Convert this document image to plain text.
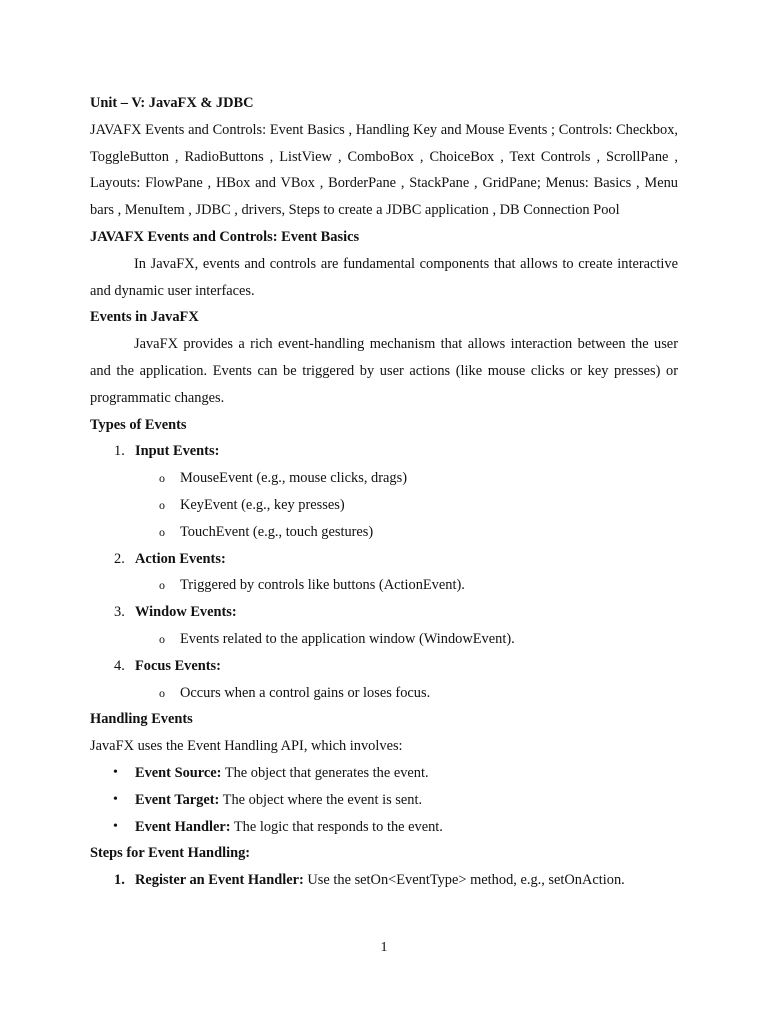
Unit – V: JavaFX & JDBC

JAVAFX Events and Controls: Event Basics , Handling Key and Mouse Events ; Controls: Checkbox, ToggleButton , RadioButtons , ListView , ComboBox , ChoiceBox , Text Controls , ScrollPane , Layouts: FlowPane , HBox and VBox , BorderPane , StackPane , GridPane; Menus: Basics , Menu bars , MenuItem , JDBC , drivers, Steps to create a JDBC application , DB Connection Pool

JAVAFX Events and Controls: Event Basics

In JavaFX, events and controls are fundamental components that allows to create interactive and dynamic user interfaces.

Events in JavaFX

JavaFX provides a rich event-handling mechanism that allows interaction between the user and the application. Events can be triggered by user actions (like mouse clicks or key presses) or programmatic changes.

Types of Events

1. Input Events:

o MouseEvent (e.g., mouse clicks, drags)

o KeyEvent (e.g., key presses)

o TouchEvent (e.g., touch gestures)

2. Action Events:

o Triggered by controls like buttons (ActionEvent).

3. Window Events:

o Events related to the application window (WindowEvent).

4. Focus Events:

o Occurs when a control gains or loses focus.

Handling Events

JavaFX uses the Event Handling API, which involves:

• Event Source: The object that generates the event.

• Event Target: The object where the event is sent.

• Event Handler: The logic that responds to the event.

Steps for Event Handling:

1. Register an Event Handler: Use the setOn<EventType> method, e.g., setOnAction.

1
